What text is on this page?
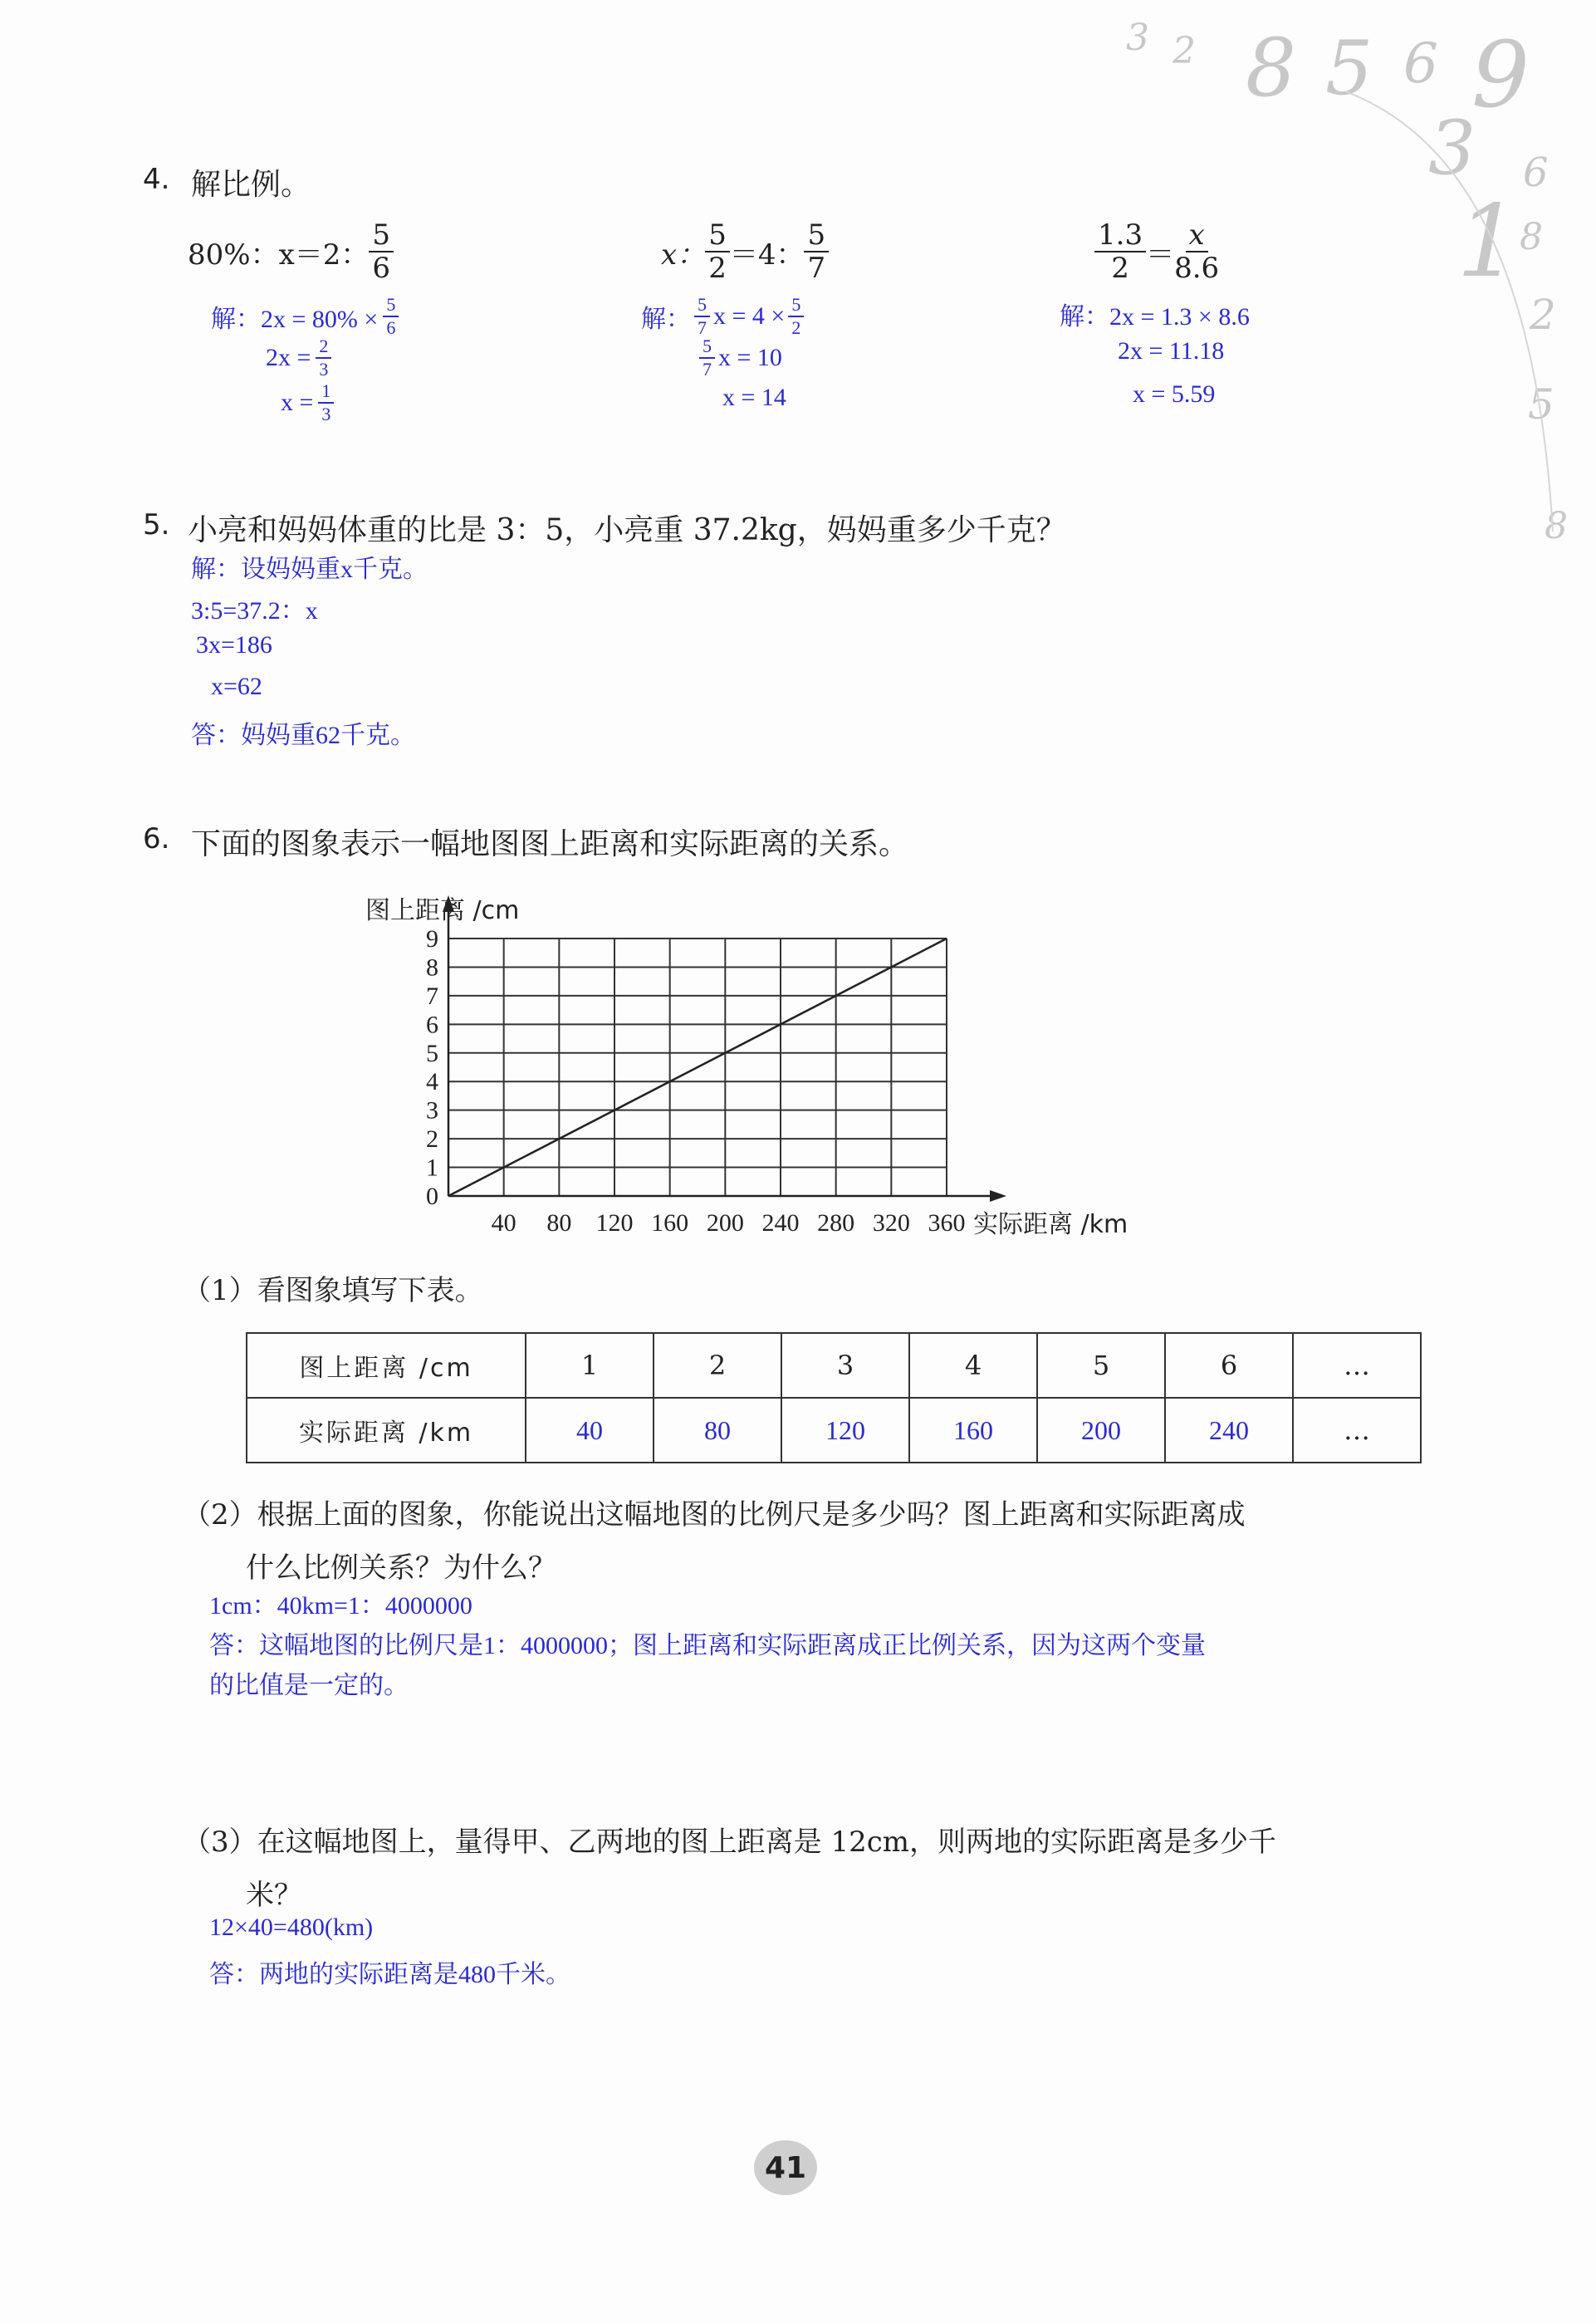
3 2 8 5 6 9
3 6
1 8
2
5
8
4. 解比例。
80%：x＝2： $\frac{5}{6}$	x： $\frac{5}{2} =4$： $\frac{5}{7}$	$\frac{1.3}{2} = \frac{x}{8.6}$
解：$2x = 80\% \times \frac{5}{6}$
$2x = \frac{2}{3}$
$x = \frac{1}{3}$
解： $\frac{5}{7}$ $x = 4 \times \frac{5}{2}$
$\frac{5}{7}$ x = 10
x = 14
解：2x = 1.3 × 8.6
2x = 11.18
x = 5.59
5. 小亮和妈妈体重的比是 3：5，小亮重 37.2kg，妈妈重多少千克？
解：设妈妈重x千克。
3:5=37.2：x
3x=186
x=62
答：妈妈重62千克。
6. 下面的图象表示一幅地图图上距离和实际距离的关系。
40 80 120 160 200 240 280 320 360
0
1
2
3
4
5
6
7
8
9
图上距离 /cm
实际距离 /km
（1）看图象填写下表。
图上距离 /cm	1	2	3	4	5	6	…
实际距离 /km	40	80	120	160	200	240	…
（2）根据上面的图象，你能说出这幅地图的比例尺是多少吗？图上距离和实际距离成
什么比例关系？为什么？
1cm：40km=1：4000000
答：这幅地图的比例尺是1：4000000；图上距离和实际距离成正比例关系，因为这两个变量
的比值是一定的。
（3）在这幅地图上，量得甲、乙两地的图上距离是 12cm，则两地的实际距离是多少千
米？
12×40=480(km)
答：两地的实际距离是480千米。
41
